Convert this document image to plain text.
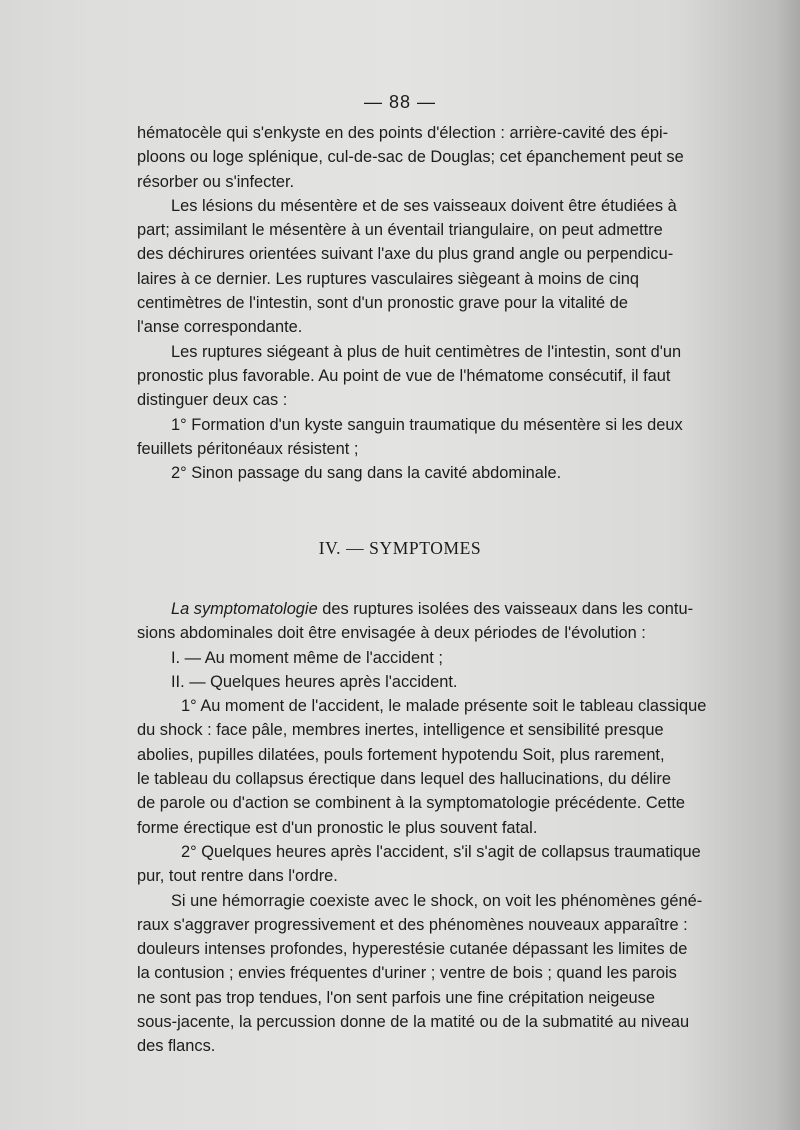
— 88 —
hématocèle qui s'enkyste en des points d'élection : arrière-cavité des épi-
ploons ou loge splénique, cul-de-sac de Douglas; cet épanchement peut se
résorber ou s'infecter.
Les lésions du mésentère et de ses vaisseaux doivent être étudiées à
part; assimilant le mésentère à un éventail triangulaire, on peut admettre
des déchirures orientées suivant l'axe du plus grand angle ou perpendicu-
laires à ce dernier. Les ruptures vasculaires siègeant à moins de cinq
centimètres de l'intestin, sont d'un pronostic grave pour la vitalité de
l'anse correspondante.
Les ruptures siégeant à plus de huit centimètres de l'intestin, sont d'un
pronostic plus favorable. Au point de vue de l'hématome consécutif, il faut
distinguer deux cas :
1° Formation d'un kyste sanguin traumatique du mésentère si les deux
feuillets péritonéaux résistent ;
2° Sinon passage du sang dans la cavité abdominale.
IV. — SYMPTOMES
La symptomatologie des ruptures isolées des vaisseaux dans les contu-
sions abdominales doit être envisagée à deux périodes de l'évolution :
I. — Au moment même de l'accident ;
II. — Quelques heures après l'accident.
1° Au moment de l'accident, le malade présente soit le tableau classique
du shock : face pâle, membres inertes, intelligence et sensibilité presque
abolies, pupilles dilatées, pouls fortement hypotendu Soit, plus rarement,
le tableau du collapsus érectique dans lequel des hallucinations, du délire
de parole ou d'action se combinent à la symptomatologie précédente. Cette
forme érectique est d'un pronostic le plus souvent fatal.
2° Quelques heures après l'accident, s'il s'agit de collapsus traumatique
pur, tout rentre dans l'ordre.
Si une hémorragie coexiste avec le shock, on voit les phénomènes géné-
raux s'aggraver progressivement et des phénomènes nouveaux apparaître :
douleurs intenses profondes, hyperestésie cutanée dépassant les limites de
la contusion ; envies fréquentes d'uriner ; ventre de bois ; quand les parois
ne sont pas trop tendues, l'on sent parfois une fine crépitation neigeuse
sous-jacente, la percussion donne de la matité ou de la submatité au niveau
des flancs.
